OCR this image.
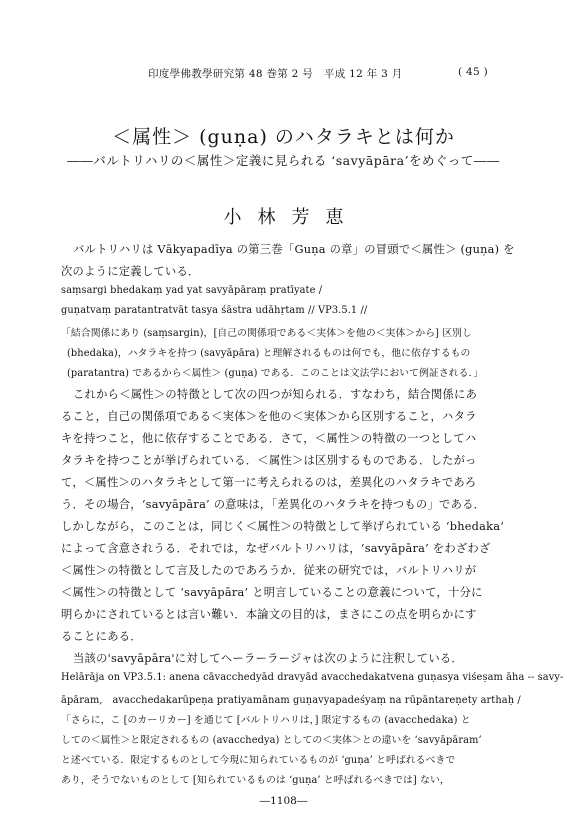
印度學佛教學研究第 48 巻第 2 号　平成 12 年 3 月	( 45 )
＜属性＞ (guṇa) のハタラキとは何か
――バルトリハリの＜属性＞定義に見られる ‘savyāpāra’をめぐって――
小林芳恵
バルトリハリは Vākyapadīya の第三巻「Guṇa の章」の冒頭で＜属性＞ (guṇa) を
次のように定義している．
saṃsargi bhedakaṃ yad yat savyāpāraṃ pratīyate /
guṇatvaṃ paratantratvāt tasya śāstra udāhṛtam // VP3.5.1 //
「結合関係にあり (saṃsargin)，[自己の関係項である＜実体＞を他の＜実体＞から] 区別し
(bhedaka)，ハタラキを持つ (savyāpāra) と理解されるものは何でも，他に依存するもの
(paratantra) であるから＜属性＞ (guṇa) である．このことは文法学において例証される．」
これから＜属性＞の特徴として次の四つが知られる．すなわち，結合関係にあ
ること，自己の関係項である＜実体＞を他の＜実体＞から区別すること，ハタラ
キを持つこと，他に依存することである．さて，＜属性＞の特徴の一つとしてハ
タラキを持つことが挙げられている．＜属性＞は区別するものである．したがっ
て，＜属性＞のハタラキとして第一に考えられるのは，差異化のハタラキであろ
う．その場合，‘savyāpāra’ の意味は，「差異化のハタラキを持つもの」である．
しかしながら，このことは，同じく＜属性＞の特徴として挙げられている ‘bhedaka’
によって含意されうる．それでは，なぜバルトリハリは，‘savyāpāra’ をわざわざ
＜属性＞の特徴として言及したのであろうか．従来の研究では，バルトリハリが
＜属性＞の特徴として ‘savyāpāra’ と明言していることの意義について，十分に
明らかにされているとは言い難い．本論文の目的は，まさにこの点を明らかにす
ることにある．
当該の'savyāpāra'に対してヘーラーラージャは次のように注釈している．
Helārāja on VP3.5.1: anena cāvacchedyād dravyād avacchedakatvena guṇasya viśeṣam āha -- savy-
āpāram,　avacchedakarūpeṇa pratiyamānam guṇavyapadeśyaṃ na rūpāntareṇety arthaḥ /
「さらに，こ [のカーリカー] を通じて [バルトリハリは，] 限定するもの (avacchedaka) と
しての＜属性＞と限定されるもの (avacchedya) としての＜実体＞との違いを ‘savyāpāram’
と述べている．限定するものとして今現に知られているものが ‘guṇa’ と呼ばれるべきで
あり，そうでないものとして [知られているものは ‘guṇa’ と呼ばれるべきでは] ない，
―1108―
